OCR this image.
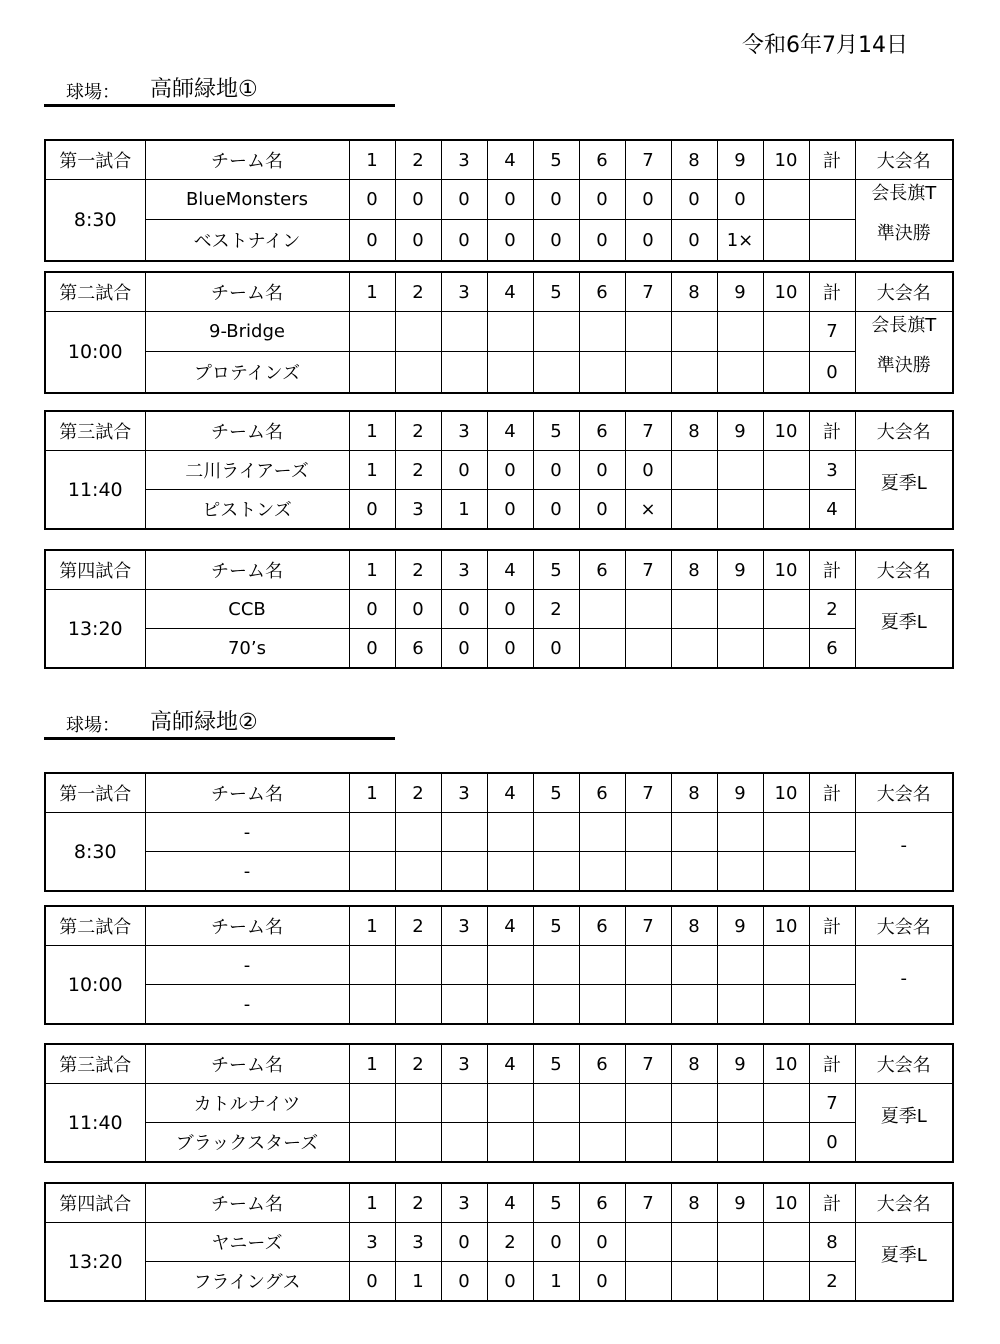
令和6年7月14日
球場： 高師緑地①
第一試合	チーム名	1	2	3	4	5	6	7	8	9	10	計	大会名
8:30	BlueMonsters	0	0	0	0	0	0	0	0	0			会長旗T
準決勝

	ベストナイン	0	0	0	0	0	0	0	0	1×			
第二試合	チーム名	1	2	3	4	5	6	7	8	9	10	計	大会名
10:00	9-Bridge											7	会長旗T
準決勝

	プロテインズ											0	
第三試合	チーム名	1	2	3	4	5	6	7	8	9	10	計	大会名
11:40	二川ライアーズ	1	2	0	0	0	0	0				3	夏季L

	ピストンズ	0	3	1	0	0	0	×				4	
第四試合	チーム名	1	2	3	4	5	6	7	8	9	10	計	大会名
13:20	CCB	0	0	0	0	2						2	夏季L

	70’s	0	6	0	0	0						6	
球場： 高師緑地②
第一試合	チーム名	1	2	3	4	5	6	7	8	9	10	計	大会名
8:30	-												-

	-												
第二試合	チーム名	1	2	3	4	5	6	7	8	9	10	計	大会名
10:00	-												-

	-												
第三試合	チーム名	1	2	3	4	5	6	7	8	9	10	計	大会名
11:40	カトルナイツ											7	夏季L

	ブラックスターズ											0	
第四試合	チーム名	1	2	3	4	5	6	7	8	9	10	計	大会名
13:20	ヤニーズ	3	3	0	2	0	0					8	夏季L

	フライングス	0	1	0	0	1	0					2	
